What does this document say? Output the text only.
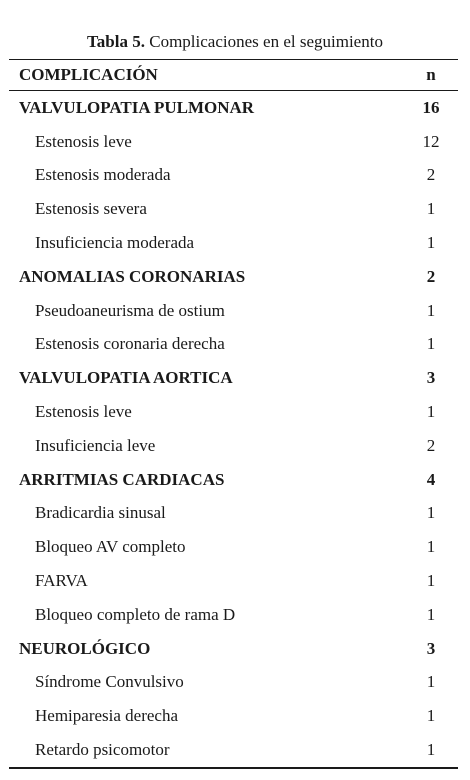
Tabla 5. Complicaciones en el seguimiento
COMPLICACIÓN	n
VALVULOPATIA PULMONAR	16
Estenosis leve	12
Estenosis moderada	2
Estenosis severa	1
Insuficiencia moderada	1
ANOMALIAS CORONARIAS	2
Pseudoaneurisma de ostium	1
Estenosis coronaria derecha	1
VALVULOPATIA AORTICA	3
Estenosis leve	1
Insuficiencia leve	2
ARRITMIAS CARDIACAS	4
Bradicardia sinusal	1
Bloqueo AV completo	1
FARVA	1
Bloqueo completo de rama D	1
NEUROLÓGICO	3
Síndrome Convulsivo	1
Hemiparesia derecha	1
Retardo psicomotor	1
